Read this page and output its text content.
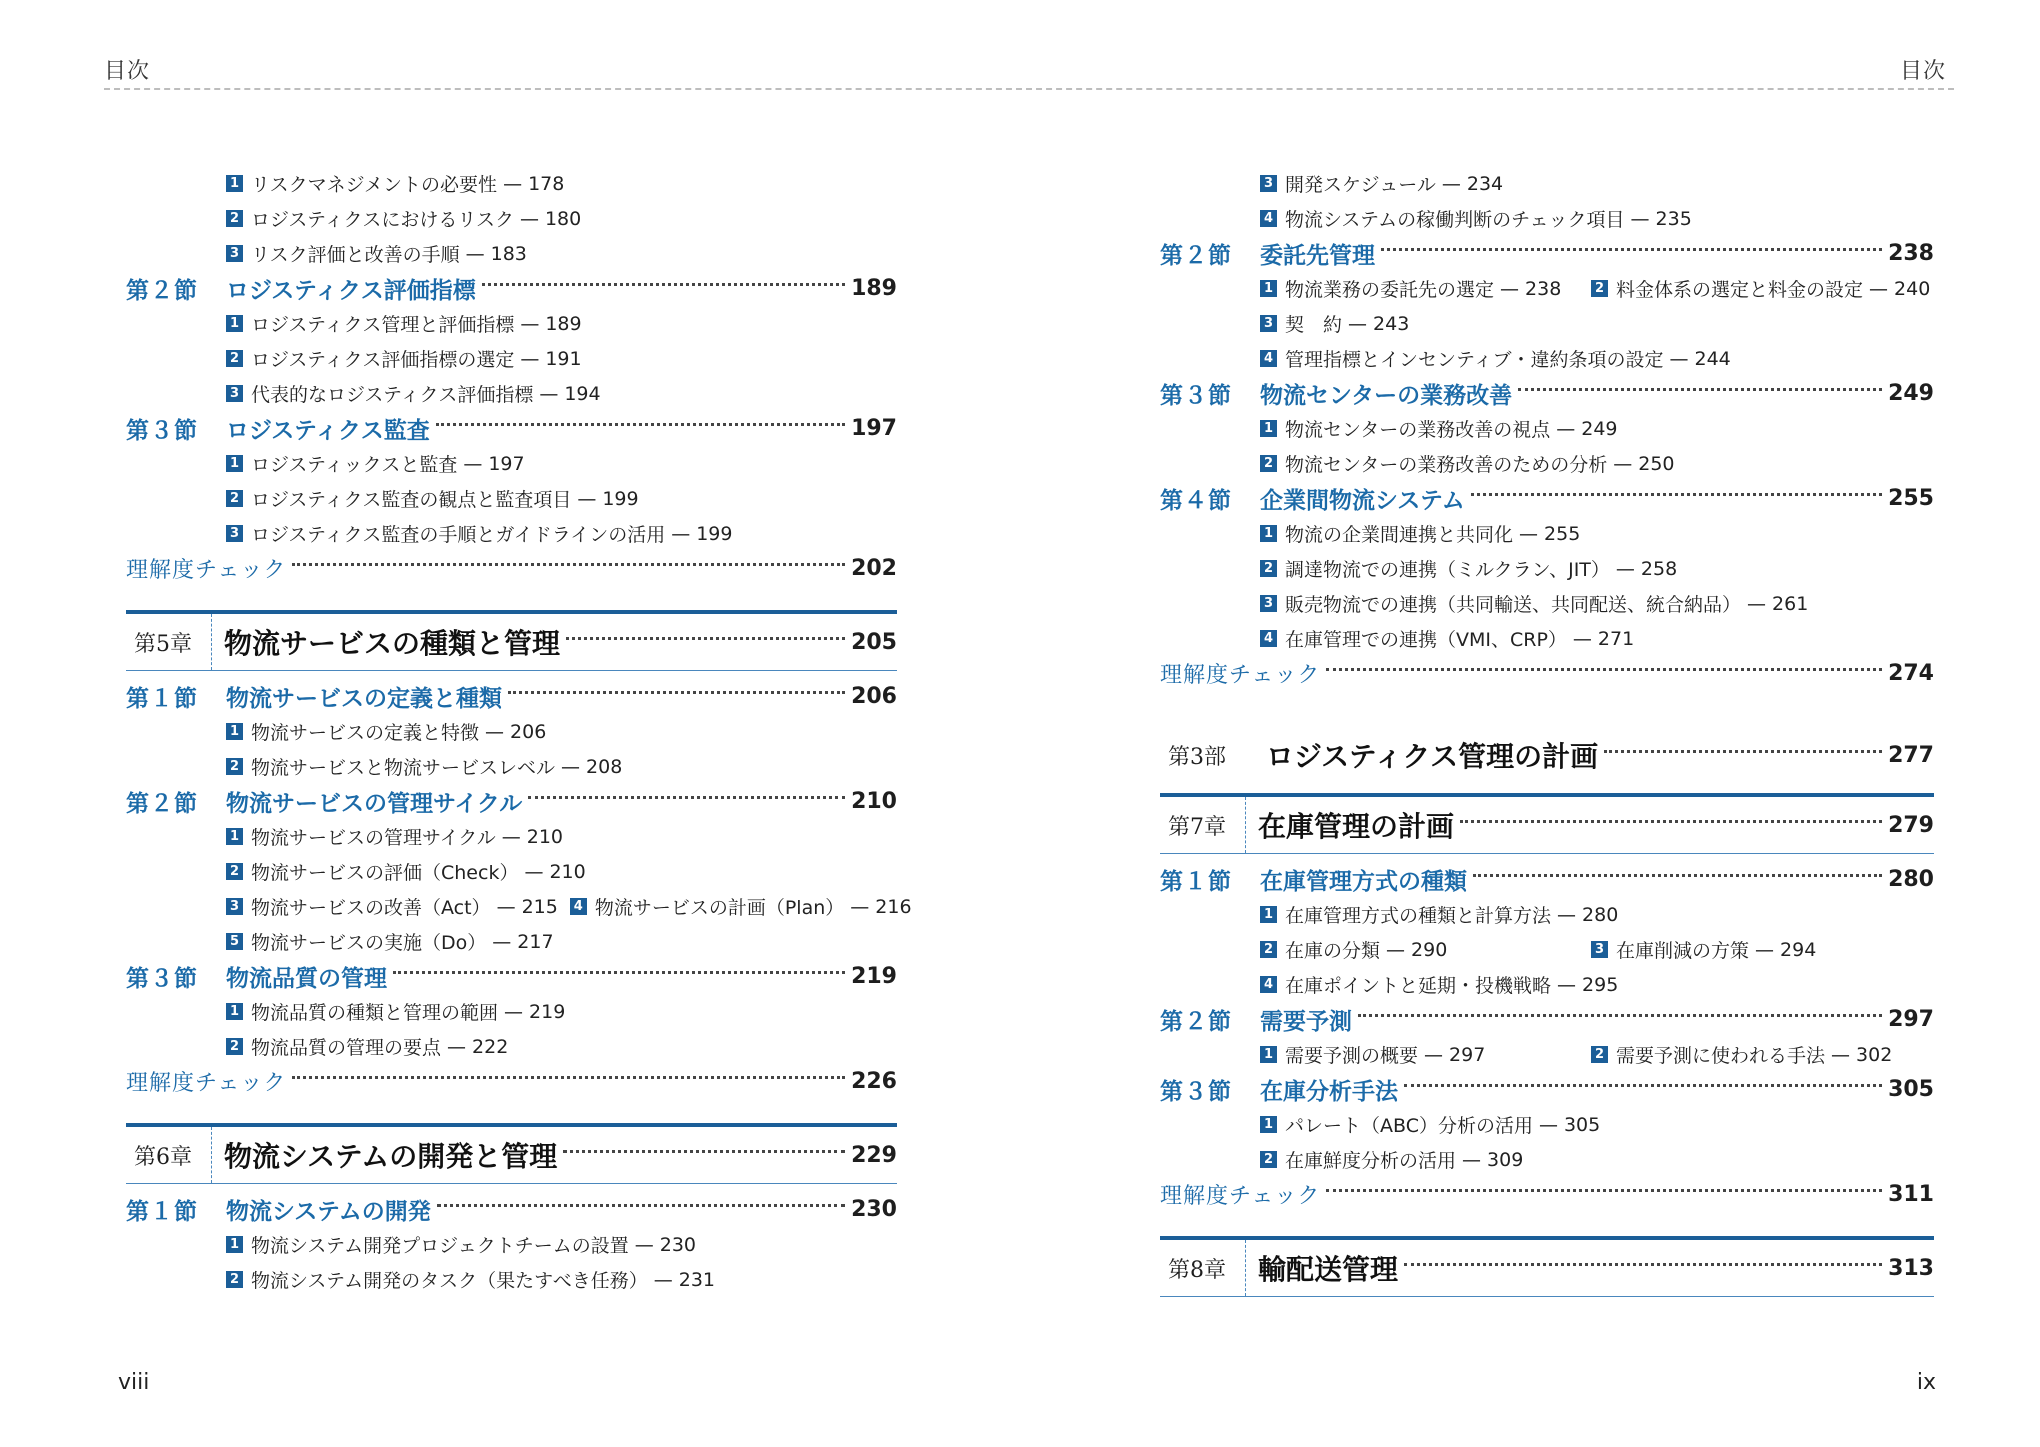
目次	目次
1 リスクマネジメントの必要性 — 178
2 ロジスティクスにおけるリスク — 180
3 リスク評価と改善の手順 — 183
第２節	ロジスティクス評価指標	189
1 ロジスティクス管理と評価指標 — 189
2 ロジスティクス評価指標の選定 — 191
3 代表的なロジスティクス評価指標 — 194
第３節	ロジスティクス監査	197
1 ロジスティックスと監査 — 197
2 ロジスティクス監査の観点と監査項目 — 199
3 ロジスティクス監査の手順とガイドラインの活用 — 199
理解度チェック	202
第5章	物流サービスの種類と管理	205
第１節	物流サービスの定義と種類	206
1 物流サービスの定義と特徴 — 206
2 物流サービスと物流サービスレベル — 208
第２節	物流サービスの管理サイクル	210
1 物流サービスの管理サイクル — 210
2 物流サービスの評価（Check） — 210
3 物流サービスの改善（Act） — 215	4 物流サービスの計画（Plan） — 216
5 物流サービスの実施（Do） — 217
第３節	物流品質の管理	219
1 物流品質の種類と管理の範囲 — 219
2 物流品質の管理の要点 — 222
理解度チェック	226
第6章	物流システムの開発と管理	229
第１節	物流システムの開発	230
1 物流システム開発プロジェクトチームの設置 — 230
2 物流システム開発のタスク（果たすべき任務） — 231
3 開発スケジュール — 234
4 物流システムの稼働判断のチェック項目 — 235
第２節	委託先管理	238
1 物流業務の委託先の選定 — 238	2 料金体系の選定と料金の設定 — 240
3 契　約 — 243
4 管理指標とインセンティブ・違約条項の設定 — 244
第３節	物流センターの業務改善	249
1 物流センターの業務改善の視点 — 249
2 物流センターの業務改善のための分析 — 250
第４節	企業間物流システム	255
1 物流の企業間連携と共同化 — 255
2 調達物流での連携（ミルクラン、JIT） — 258
3 販売物流での連携（共同輸送、共同配送、統合納品） — 261
4 在庫管理での連携（VMI、CRP） — 271
理解度チェック	274
第3部	ロジスティクス管理の計画	277
第7章	在庫管理の計画	279
第１節	在庫管理方式の種類	280
1 在庫管理方式の種類と計算方法 — 280
2 在庫の分類 — 290	3 在庫削減の方策 — 294
4 在庫ポイントと延期・投機戦略 — 295
第２節	需要予測	297
1 需要予測の概要 — 297	2 需要予測に使われる手法 — 302
第３節	在庫分析手法	305
1 パレート（ABC）分析の活用 — 305
2 在庫鮮度分析の活用 — 309
理解度チェック	311
第8章	輸配送管理	313
viii	ix
